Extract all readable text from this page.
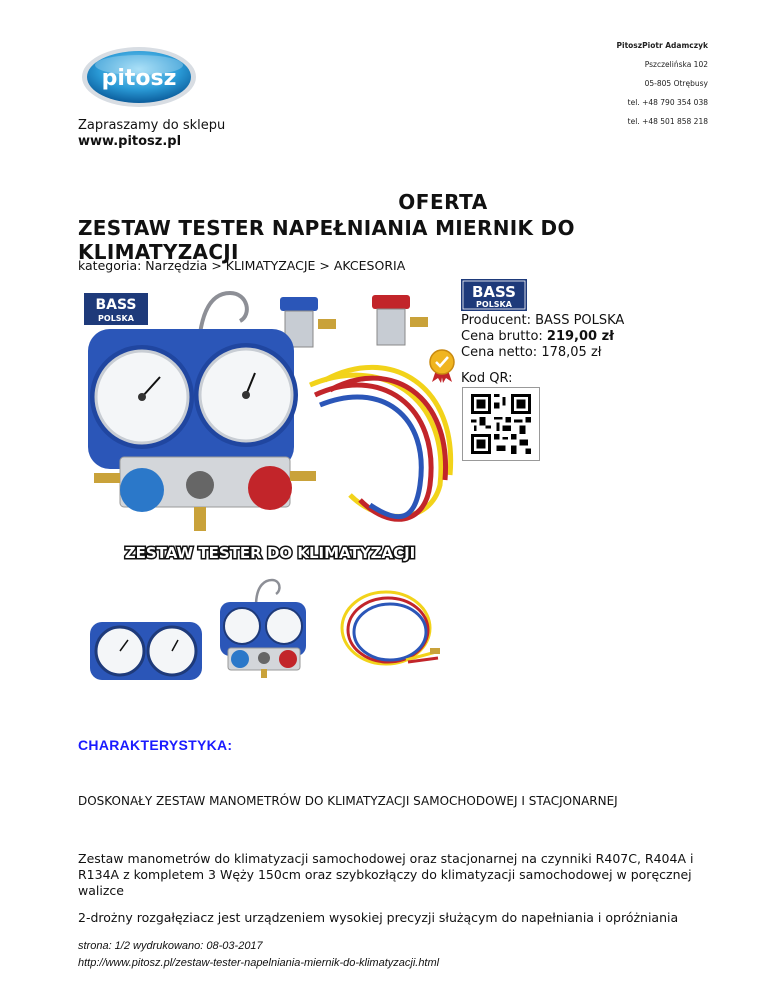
PitoszPiotr Adamczyk
Pszczelińska 102
05-805 Otrębusy
tel. +48 790 354 038
tel. +48 501 858 218
pitosz
Zapraszamy do sklepu
www.pitosz.pl
OFERTA
ZESTAW TESTER NAPEŁNIANIA MIERNIK DO KLIMATYZACJI
kategoria: Narzędzia > KLIMATYZACJE > AKCESORIA
BASS
POLSKA
ZESTAW TESTER DO KLIMATYZACJI
BASS
POLSKA
Producent: BASS POLSKA
Cena brutto: 219,00 zł
Cena netto: 178,05 zł
Kod QR:
CHARAKTERYSTYKA:
DOSKONAŁY ZESTAW MANOMETRÓW DO KLIMATYZACJI SAMOCHODOWEJ I STACJONARNEJ
Zestaw manometrów do klimatyzacji samochodowej oraz stacjonarnej na czynniki R407C, R404A i R134A z kompletem 3 Węży 150cm oraz szybkozłączy do klimatyzacji samochodowej w poręcznej walizce
2-drożny rozgałęziacz jest urządzeniem wysokiej precyzji służącym do napełniania i opróżniania
strona: 1/2 wydrukowano: 08-03-2017
http://www.pitosz.pl/zestaw-tester-napelniania-miernik-do-klimatyzacji.html
